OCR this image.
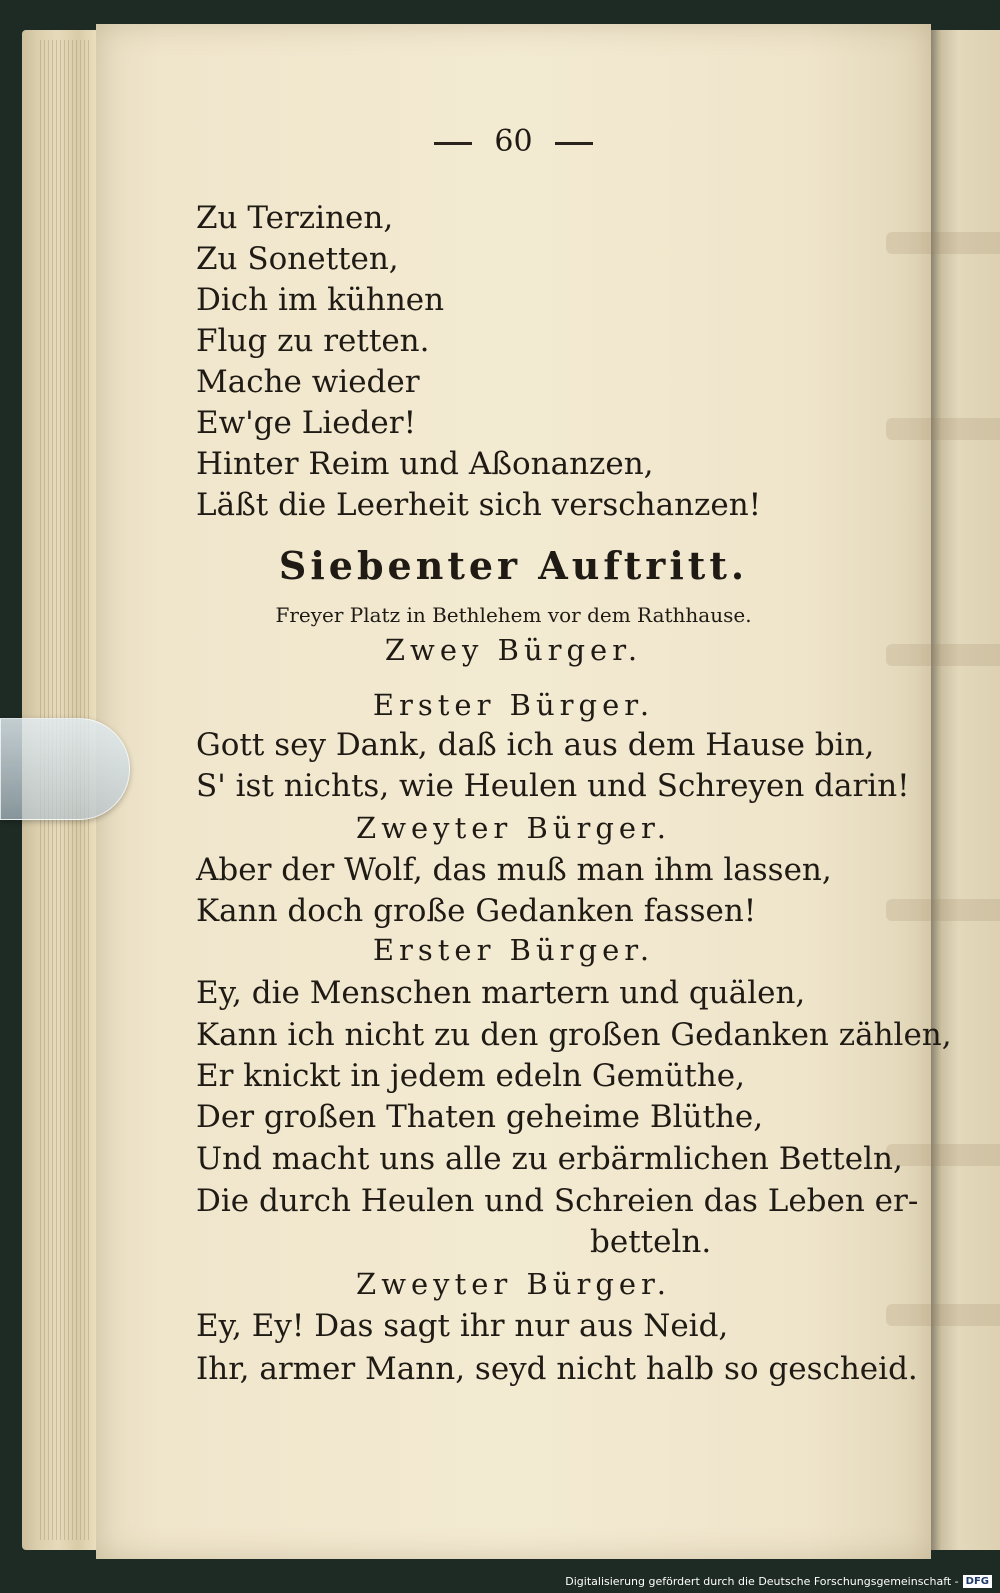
60
Zu Terzinen,
Zu Sonetten,
Dich im kühnen
Flug zu retten.
Mache wieder
Ew'ge Lieder!
Hinter Reim und Aßonanzen,
Läßt die Leerheit sich verschanzen!
Siebenter Auftritt.
Freyer Platz in Bethlehem vor dem Rathhause.
Zwey Bürger.
Erster Bürger.
Gott sey Dank, daß ich aus dem Hause bin,
S' ist nichts, wie Heulen und Schreyen darin!
Zweyter Bürger.
Aber der Wolf, das muß man ihm lassen,
Kann doch große Gedanken fassen!
Erster Bürger.
Ey, die Menschen martern und quälen,
Kann ich nicht zu den großen Gedanken zählen,
Er knickt in jedem edeln Gemüthe,
Der großen Thaten geheime Blüthe,
Und macht uns alle zu erbärmlichen Betteln,
Die durch Heulen und Schreien das Leben er-
betteln.
Zweyter Bürger.
Ey, Ey! Das sagt ihr nur aus Neid,
Ihr, armer Mann, seyd nicht halb so gescheid.
Digitalisierung gefördert durch die Deutsche Forschungsgemeinschaft - DFG
